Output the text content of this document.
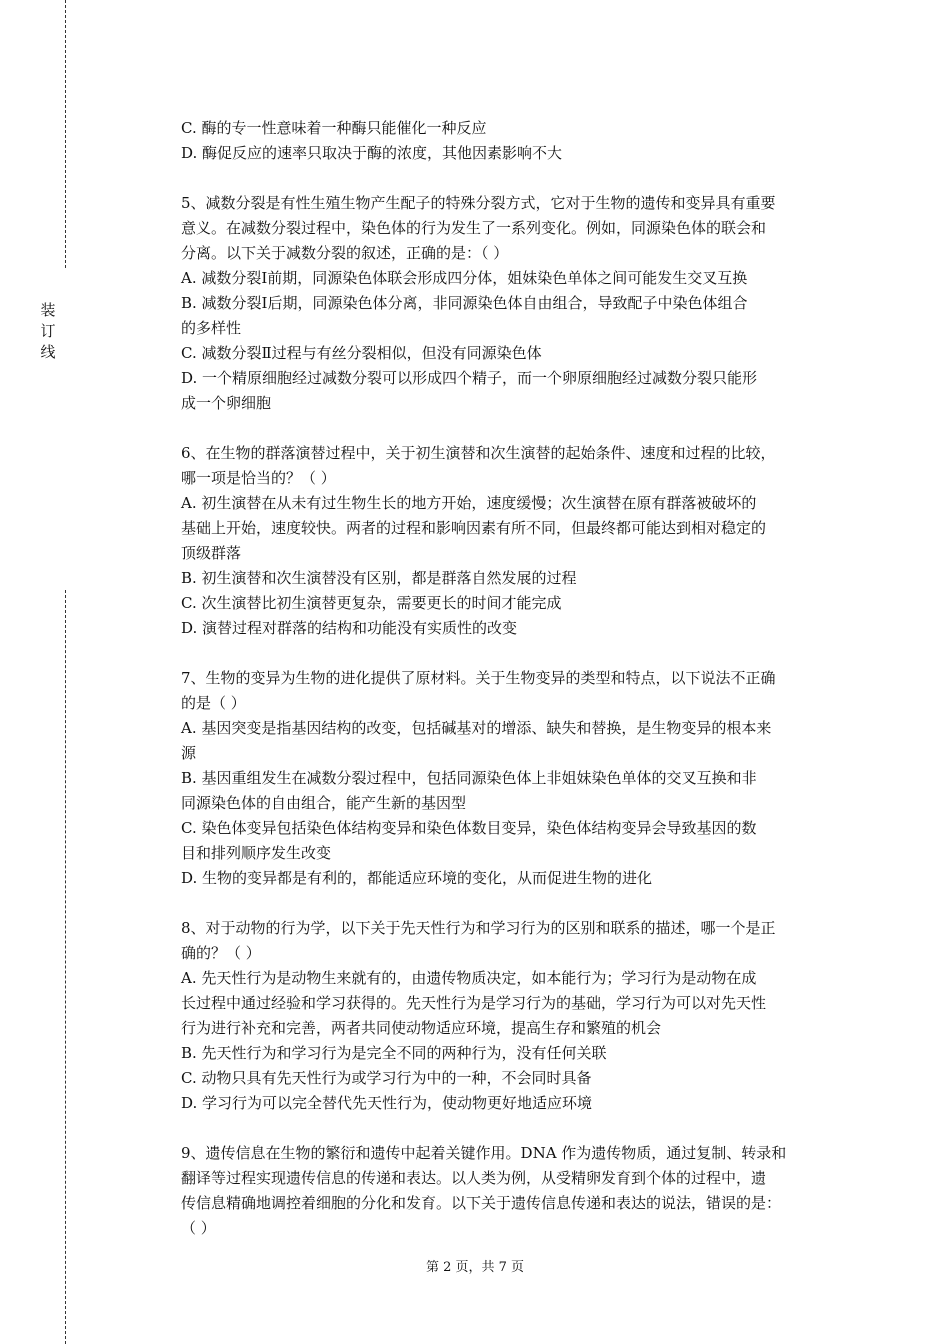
装
订
线
C. 酶的专一性意味着一种酶只能催化一种反应
D. 酶促反应的速率只取决于酶的浓度，其他因素影响不大
5、减数分裂是有性生殖生物产生配子的特殊分裂方式，它对于生物的遗传和变异具有重要
意义。在减数分裂过程中，染色体的行为发生了一系列变化。例如，同源染色体的联会和
分离。以下关于减数分裂的叙述，正确的是：（ ）
A. 减数分裂Ⅰ前期，同源染色体联会形成四分体，姐妹染色单体之间可能发生交叉互换
B. 减数分裂Ⅰ后期，同源染色体分离，非同源染色体自由组合，导致配子中染色体组合
的多样性
C. 减数分裂Ⅱ过程与有丝分裂相似，但没有同源染色体
D. 一个精原细胞经过减数分裂可以形成四个精子，而一个卵原细胞经过减数分裂只能形
成一个卵细胞
6、在生物的群落演替过程中，关于初生演替和次生演替的起始条件、速度和过程的比较，
哪一项是恰当的？（ ）
A. 初生演替在从未有过生物生长的地方开始，速度缓慢；次生演替在原有群落被破坏的
基础上开始，速度较快。两者的过程和影响因素有所不同，但最终都可能达到相对稳定的
顶级群落
B. 初生演替和次生演替没有区别，都是群落自然发展的过程
C. 次生演替比初生演替更复杂，需要更长的时间才能完成
D. 演替过程对群落的结构和功能没有实质性的改变
7、生物的变异为生物的进化提供了原材料。关于生物变异的类型和特点，以下说法不正确
的是（ ）
A. 基因突变是指基因结构的改变，包括碱基对的增添、缺失和替换，是生物变异的根本来
源
B. 基因重组发生在减数分裂过程中，包括同源染色体上非姐妹染色单体的交叉互换和非
同源染色体的自由组合，能产生新的基因型
C. 染色体变异包括染色体结构变异和染色体数目变异，染色体结构变异会导致基因的数
目和排列顺序发生改变
D. 生物的变异都是有利的，都能适应环境的变化，从而促进生物的进化
8、对于动物的行为学，以下关于先天性行为和学习行为的区别和联系的描述，哪一个是正
确的？（ ）
A. 先天性行为是动物生来就有的，由遗传物质决定，如本能行为；学习行为是动物在成
长过程中通过经验和学习获得的。先天性行为是学习行为的基础，学习行为可以对先天性
行为进行补充和完善，两者共同使动物适应环境，提高生存和繁殖的机会
B. 先天性行为和学习行为是完全不同的两种行为，没有任何关联
C. 动物只具有先天性行为或学习行为中的一种，不会同时具备
D. 学习行为可以完全替代先天性行为，使动物更好地适应环境
9、遗传信息在生物的繁衍和遗传中起着关键作用。DNA 作为遗传物质，通过复制、转录和
翻译等过程实现遗传信息的传递和表达。以人类为例，从受精卵发育到个体的过程中，遗
传信息精确地调控着细胞的分化和发育。以下关于遗传信息传递和表达的说法，错误的是：
（ ）
第 2 页，共 7 页
